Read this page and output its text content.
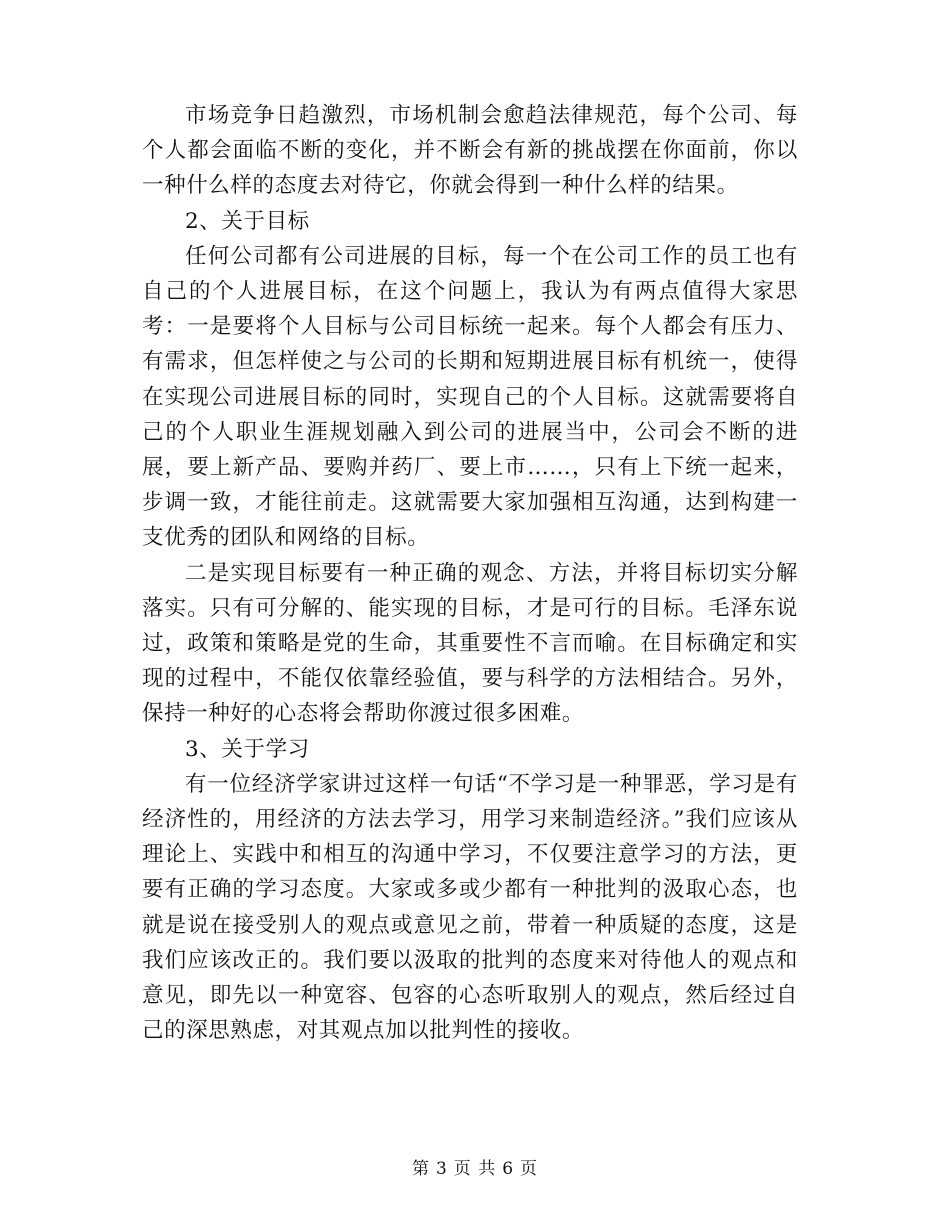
市场竞争日趋激烈，市场机制会愈趋法律规范，每个公司、每个人都会面临不断的变化，并不断会有新的挑战摆在你面前，你以一种什么样的态度去对待它，你就会得到一种什么样的结果。

2、关于目标

任何公司都有公司进展的目标，每一个在公司工作的员工也有自己的个人进展目标，在这个问题上，我认为有两点值得大家思考：一是要将个人目标与公司目标统一起来。每个人都会有压力、有需求，但怎样使之与公司的长期和短期进展目标有机统一，使得在实现公司进展目标的同时，实现自己的个人目标。这就需要将自己的个人职业生涯规划融入到公司的进展当中，公司会不断的进展，要上新产品、要购并药厂、要上市……，只有上下统一起来，步调一致，才能往前走。这就需要大家加强相互沟通，达到构建一支优秀的团队和网络的目标。

二是实现目标要有一种正确的观念、方法，并将目标切实分解落实。只有可分解的、能实现的目标，才是可行的目标。毛泽东说过，政策和策略是党的生命，其重要性不言而喻。在目标确定和实现的过程中，不能仅依靠经验值，要与科学的方法相结合。另外，保持一种好的心态将会帮助你渡过很多困难。

3、关于学习

有一位经济学家讲过这样一句话“不学习是一种罪恶，学习是有经济性的，用经济的方法去学习，用学习来制造经济。”我们应该从理论上、实践中和相互的沟通中学习，不仅要注意学习的方法，更要有正确的学习态度。大家或多或少都有一种批判的汲取心态，也就是说在接受别人的观点或意见之前，带着一种质疑的态度，这是我们应该改正的。我们要以汲取的批判的态度来对待他人的观点和意见，即先以一种宽容、包容的心态听取别人的观点，然后经过自己的深思熟虑，对其观点加以批判性的接收。

第 3 页 共 6 页
